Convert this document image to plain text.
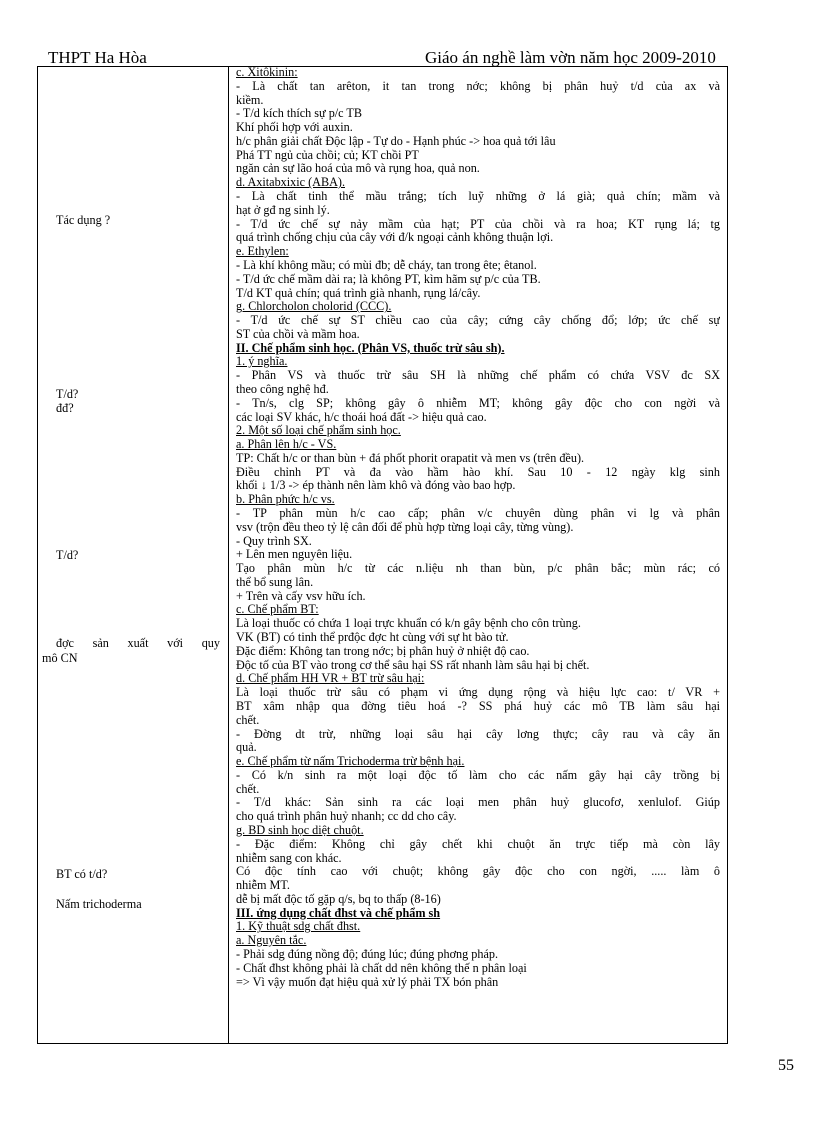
THPT Ha Hòa	Giáo án nghề làm vờn năm học 2009-2010
Tác dụng ?
T/d?
đđ?
T/d?
đợc sản xuất với quy
mô CN
BT có t/d?
Nấm trichoderma
c. Xitôkinin:
- Là chất tan arêton, it tan trong nớc; không bị phân huỷ t/d của ax và
kiềm.
- T/d kích thích sự p/c TB
Khí phối hợp với auxin.
h/c phân giải chất Độc lập - Tự do - Hạnh phúc -> hoa quả tới lâu
Phá TT ngủ của chồi; củ; KT chồi PT
ngăn cản sự lão hoá của mô và rụng hoa, quả non.
d. Axitabxixic (ABA).
- Là chất tinh thể mầu trắng; tích luỹ những ở lá già; quả chín; mầm và
hạt ở gđ ng sinh lý.
- T/d ức chế sự nảy mầm của hạt; PT của chồi và ra hoa; KT rụng lá; tg
quá trình chống chịu của cây với đ/k ngoại cảnh không thuận lợi.
e. Ethylen:
- Là khí không mầu; có mùi đb; dễ cháy, tan trong ête; êtanol.
- T/d ức chế mầm dài ra; là không PT, kìm hãm sự p/c của TB.
T/d KT quả chín; quá trình già nhanh, rụng lá/cây.
g. Chlorcholon cholorid (CCC).
- T/d ức chế sự ST chiều cao của cây; cứng cây chống đổ; lớp; ức chế sự
ST của chồi và mầm hoa.
II. Chế phẩm sinh học. (Phân VS, thuốc trừ sâu sh).
1. ý nghĩa.
- Phân VS và thuốc trừ sâu SH là những chế phẩm có chứa VSV đc SX
theo công nghệ hđ.
- Tn/s, clg SP; không gây ô nhiễm MT; không gây độc cho con ngời và
các loại SV khác, h/c thoái hoá đất -> hiệu quả cao.
2. Một số loại chế phẩm sinh học.
a. Phân lên h/c - VS.
TP: Chất h/c or than bùn + đá phốt phorit orapatit và men vs (trên đều).
Điều chỉnh PT và đa vào hầm hào khí. Sau 10 - 12 ngày klg sinh
khối ↓ 1/3 -> ép thành nên làm khô và đóng vào bao hợp.
b. Phân phức h/c vs.
- TP phân mùn h/c cao cấp; phân v/c chuyên dùng phân vi lg và phân
vsv (trộn đều theo tỷ lệ cân đối để phù hợp từng loại cây, từng vùng).
- Quy trình SX.
+ Lên men nguyên liệu.
Tạo phân mùn h/c từ các n.liệu nh than bùn, p/c phân bắc; mùn rác; có
thể bổ sung lân.
+ Trên và cấy vsv hữu ích.
c. Chế phẩm BT:
Là loại thuốc có chứa 1 loại trực khuẩn có k/n gây bệnh cho côn trùng.
VK (BT) có tinh thể prđộc đợc ht cùng với sự ht bào tử.
Đặc điểm: Không tan trong nớc; bị phân huỷ ở nhiệt độ cao.
Độc tố của BT vào trong cơ thể sâu hại SS rất nhanh làm sâu hại bị chết.
d. Chế phẩm HH VR + BT trừ sâu hại:
Là loại thuốc trừ sâu có phạm vi ứng dụng rộng và hiệu lực cao: t/ VR +
BT xâm nhập qua đờng tiêu hoá -? SS phá huỷ các mô TB làm sâu hại
chết.
- Đờng dt trừ, những loại sâu hại cây lơng thực; cây rau và cây ăn
quả.
e. Chế phẩm từ nấm Trichoderma trừ bệnh hại.
- Có k/n sinh ra một loại độc tố làm cho các nấm gây hại cây trồng bị
chết.
- T/d khác: Sản sinh ra các loại men phân huỷ glucofơ, xenlulof. Giúp
cho quá trình phân huỷ nhanh; cc dd cho cây.
g. BD sinh học diệt chuột.
- Đặc điểm: Không chỉ gây chết khi chuột ăn trực tiếp mà còn lây
nhiễm sang con khác.
Có độc tính cao với chuột; không gây độc cho con ngời, ..... làm ô
nhiễm MT.
dễ bị mất độc tố gặp q/s, bq to thấp (8-16)
III. ứng dụng chất đhst và chế phẩm sh
1. Kỹ thuật sdg chất đhst.
a. Nguyên tắc.
- Phải sdg đúng nồng độ; đúng lúc; đúng phơng pháp.
- Chất đhst không phải là chất dd nên không thế n phân loại
=> Vì vậy muốn đạt hiệu quả xử lý phải TX bón phân
55
